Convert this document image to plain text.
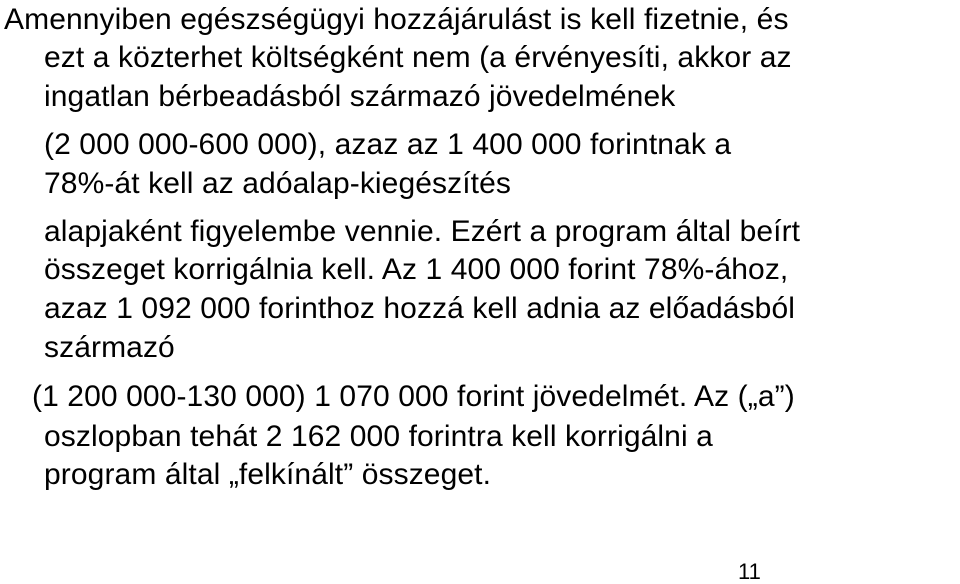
Amennyiben egészségügyi hozzájárulást is kell fizetnie, és
ezt a közterhet költségként nem (a érvényesíti, akkor az
ingatlan bérbeadásból származó jövedelmének
(2 000 000-600 000), azaz az 1 400 000 forintnak a
78%-át kell az adóalap-kiegészítés
alapjaként figyelembe vennie. Ezért a program által beírt
összeget korrigálnia kell. Az 1 400 000 forint 78%-ához,
azaz 1 092 000 forinthoz hozzá kell adnia az előadásból
származó
(1 200 000-130 000) 1 070 000 forint jövedelmét. Az („a”)
oszlopban tehát 2 162 000 forintra kell korrigálni a
program által „felkínált” összeget.
11
